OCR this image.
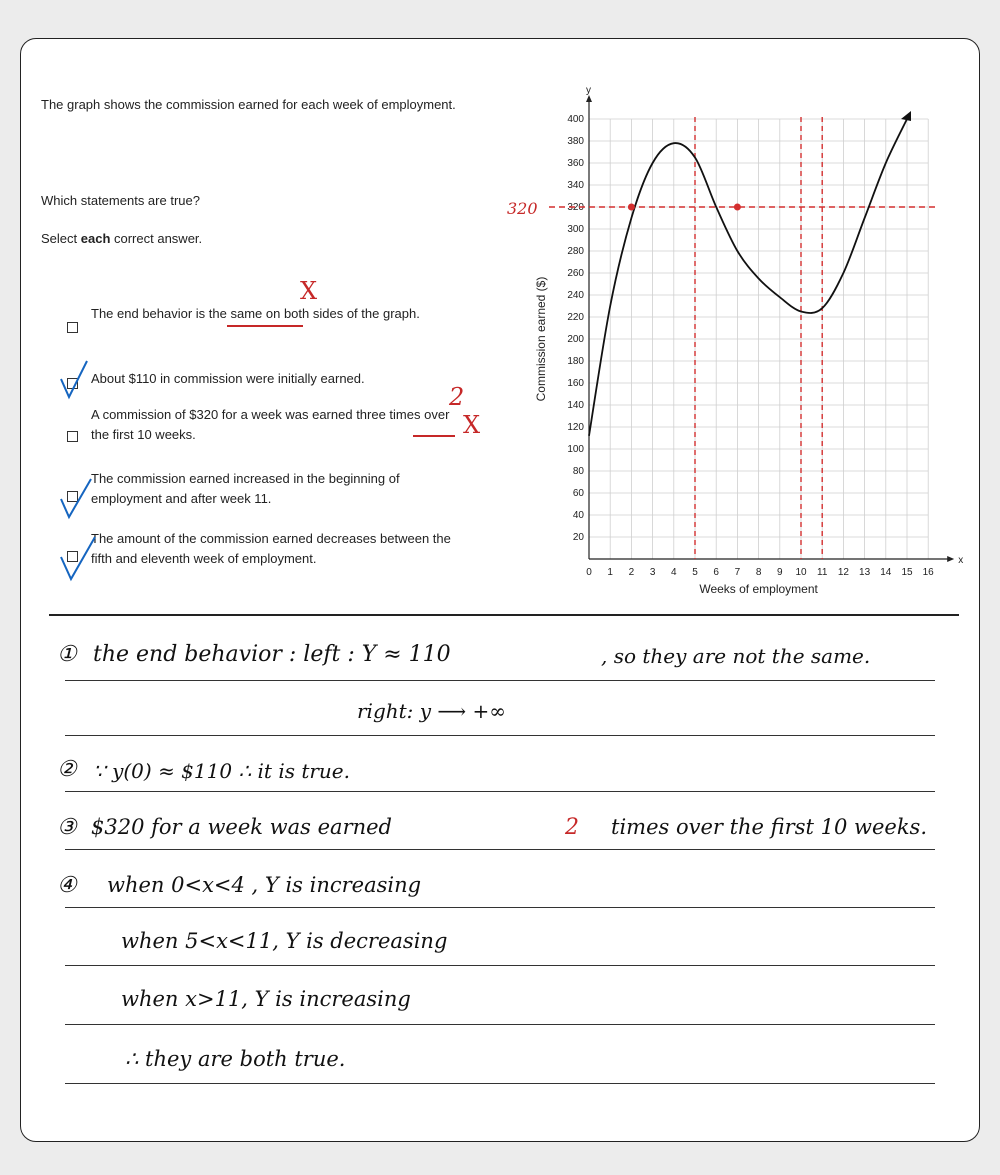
The graph shows the commission earned for each week of employment.
Which statements are true?
Select each correct answer.
The end behavior is the same on both sides of the graph.
About $110 in commission were initially earned.
A commission of $320 for a week was earned three times over the first 10 weeks.
The commission earned increased in the beginning of employment and after week 11.
The amount of the commission earned decreases between the fifth and eleventh week of employment.
X
2
X
320
1 2 3 4 5 6 7 8 9 10 11 12 13 14 15 16
20
40
60
80
100
120
140
160
180
200
220
240
260
280
300
320
340
360
380
400
0
x
y
Weeks of employment
Commission earned ($)
① the end behavior : left : Y ≈ 110	, so they are not the same.
right: y ⟶ +∞
② ∵ y(0) ≈ $110 ∴ it is true.
③ $320 for a week was earned	2 times over the first 10 weeks.
④ when 0<x<4 , Y is increasing
when 5<x<11, Y is decreasing
when x>11, Y is increasing
∴ they are both true.
